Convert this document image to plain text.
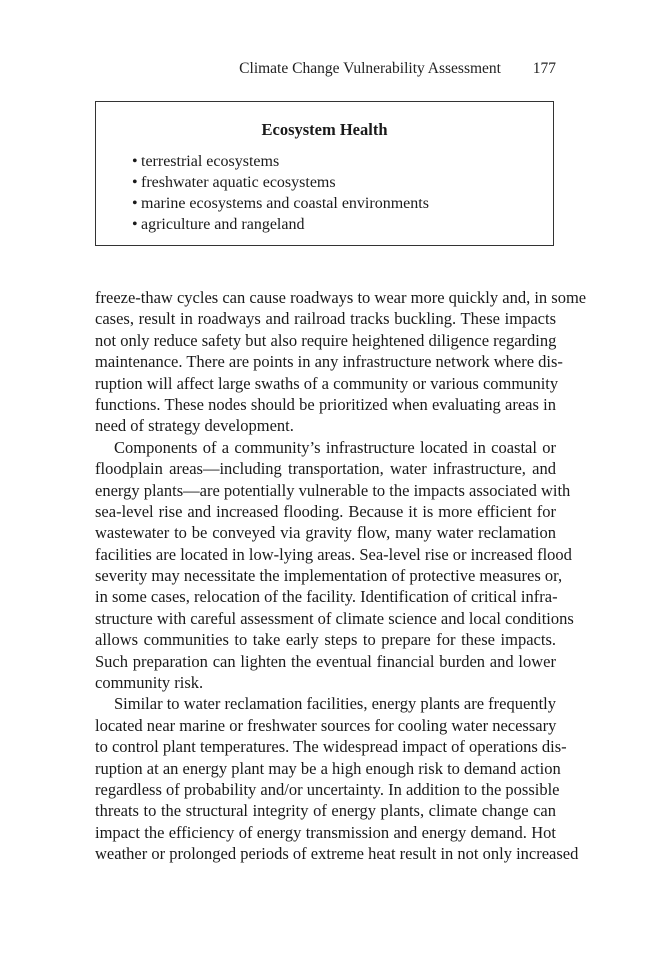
Climate Change Vulnerability Assessment 177
Ecosystem Health
• terrestrial ecosystems
• freshwater aquatic ecosystems
• marine ecosystems and coastal environments
• agriculture and rangeland
freeze-thaw cycles can cause roadways to wear more quickly and, in some
cases, result in roadways and railroad tracks buckling. These impacts
not only reduce safety but also require heightened diligence regarding
maintenance. There are points in any infrastructure network where dis-
ruption will affect large swaths of a community or various community
functions. These nodes should be prioritized when evaluating areas in
need of strategy development.
Components of a community’s infrastructure located in coastal or
floodplain areas—including transportation, water infrastructure, and
energy plants—are potentially vulnerable to the impacts associated with
sea-level rise and increased flooding. Because it is more efficient for
wastewater to be conveyed via gravity flow, many water reclamation
facilities are located in low-lying areas. Sea-level rise or increased flood
severity may necessitate the implementation of protective measures or,
in some cases, relocation of the facility. Identification of critical infra-
structure with careful assessment of climate science and local conditions
allows communities to take early steps to prepare for these impacts.
Such preparation can lighten the eventual financial burden and lower
community risk.
Similar to water reclamation facilities, energy plants are frequently
located near marine or freshwater sources for cooling water necessary
to control plant temperatures. The widespread impact of operations dis-
ruption at an energy plant may be a high enough risk to demand action
regardless of probability and/or uncertainty. In addition to the possible
threats to the structural integrity of energy plants, climate change can
impact the efficiency of energy transmission and energy demand. Hot
weather or prolonged periods of extreme heat result in not only increased
